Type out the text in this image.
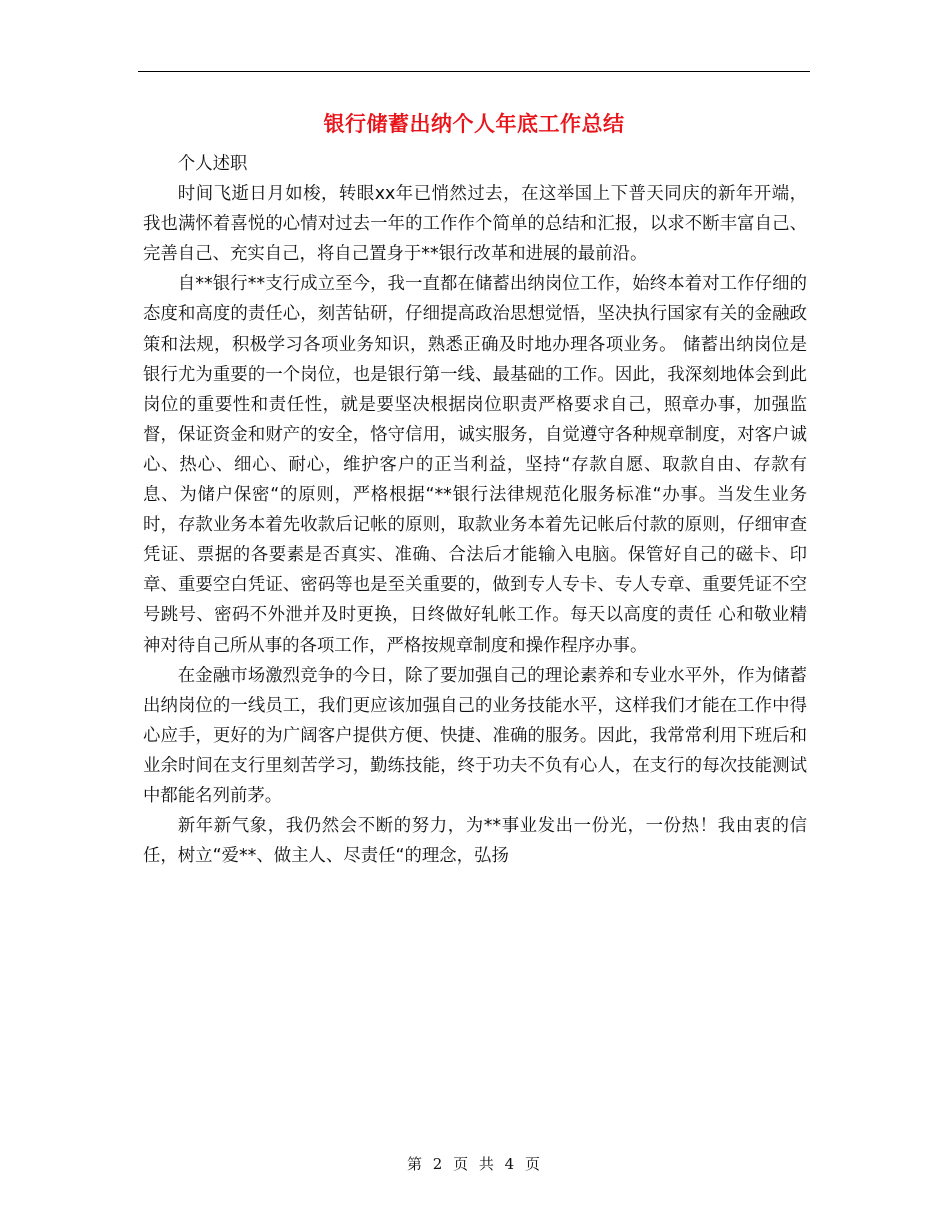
银行储蓄出纳个人年底工作总结

个人述职

时间飞逝日月如梭，转眼xx年已悄然过去，在这举国上下普天同庆的新年开端，我也满怀着喜悦的心情对过去一年的工作作个简单的总结和汇报，以求不断丰富自己、完善自己、充实自己，将自己置身于**银行改革和进展的最前沿。

自**银行**支行成立至今，我一直都在储蓄出纳岗位工作，始终本着对工作仔细的态度和高度的责任心，刻苦钻研，仔细提高政治思想觉悟，坚决执行国家有关的金融政策和法规，积极学习各项业务知识，熟悉正确及时地办理各项业务。 储蓄出纳岗位是银行尤为重要的一个岗位，也是银行第一线、最基础的工作。因此，我深刻地体会到此岗位的重要性和责任性，就是要坚决根据岗位职责严格要求自己，照章办事，加强监督，保证资金和财产的安全，恪守信用，诚实服务，自觉遵守各种规章制度，对客户诚心、热心、细心、耐心，维护客户的正当利益，坚持“存款自愿、取款自由、存款有息、为储户保密“的原则，严格根据“**银行法律规范化服务标准“办事。当发生业务时，存款业务本着先收款后记帐的原则，取款业务本着先记帐后付款的原则，仔细审查凭证、票据的各要素是否真实、准确、合法后才能输入电脑。保管好自己的磁卡、印章、重要空白凭证、密码等也是至关重要的，做到专人专卡、专人专章、重要凭证不空号跳号、密码不外泄并及时更换，日终做好轧帐工作。每天以高度的责任 心和敬业精神对待自己所从事的各项工作，严格按规章制度和操作程序办事。

在金融市场激烈竞争的今日，除了要加强自己的理论素养和专业水平外，作为储蓄出纳岗位的一线员工，我们更应该加强自己的业务技能水平，这样我们才能在工作中得心应手，更好的为广阔客户提供方便、快捷、准确的服务。因此，我常常利用下班后和业余时间在支行里刻苦学习，勤练技能，终于功夫不负有心人，在支行的每次技能测试中都能名列前茅。

新年新气象，我仍然会不断的努力，为**事业发出一份光，一份热！我由衷的信任，树立“爱**、做主人、尽责任“的理念，弘扬

第 2 页 共 4 页
